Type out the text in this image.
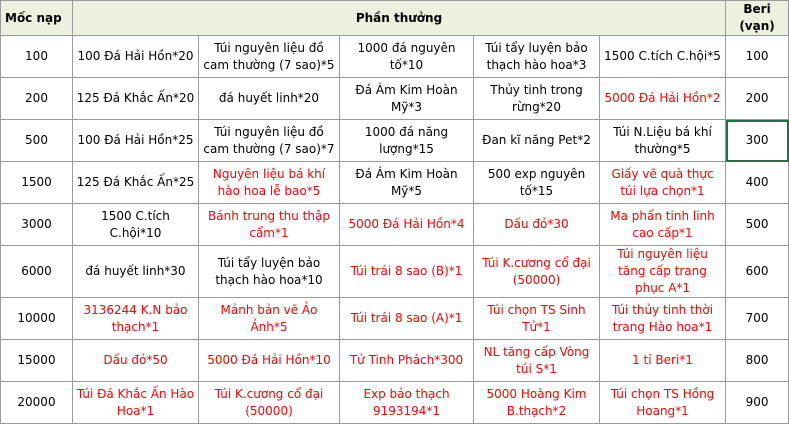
Mốc nạp	Phần thưởng					Beri (vạn)
100	100 Đá Hải Hồn*20	Túi nguyên liệu đồ cam thường (7 sao)*5	1000 đá nguyên tố*10	Túi tẩy luyện bảo thạch hào hoa*3	1500 C.tích C.hội*5	100
200	125 Đá Khắc Ấn*20	đá huyết linh*20	Đá Ám Kim Hoàn Mỹ*3	Thủy tinh trong rừng*20	5000 Đá Hải Hồn*2	200
500	100 Đá Hải Hồn*25	Túi nguyên liệu đồ cam thường (7 sao)*7	1000 đá năng lượng*15	Đan kĩ năng Pet*2	Túi N.Liệu bá khí thường*5	300
1500	125 Đá Khắc Ấn*25	Nguyên liệu bá khí hào hoa lễ bao*5	Đá Ám Kim Hoàn Mỹ*5	500 exp nguyên tố*15	Giấy vẽ quà thực túi lựa chọn*1	400
3000	1500 C.tích C.hội*10	Bánh trung thu thập cẩm*1	5000 Đá Hải Hồn*4	Dấu đỏ*30	Ma phấn tinh linh cao cấp*1	500
6000	đá huyết linh*30	Túi tẩy luyện bảo thạch hào hoa*10	Túi trái 8 sao (B)*1	Túi K.cương cổ đại (50000)	Túi nguyên liệu tăng cấp trang phục A*1	600
10000	3136244 K.N bảo thạch*1	Mảnh bản vẽ Ảo Ảnh*5	Túi trái 8 sao (A)*1	Túi chọn TS Sinh Tử*1	Túi thủy tinh thời trang Hào hoa*1	700
15000	Dấu đỏ*50	5000 Đá Hải Hồn*10	Tử Tinh Phách*300	NL tăng cấp Vòng túi S*1	1 tỉ Beri*1	800
20000	Túi Đá Khắc Ấn Hào Hoa*1	Túi K.cương cổ đại (50000)	Exp bảo thạch 9193194*1	5000 Hoàng Kim B.thạch*2	Túi chọn TS Hồng Hoang*1	900
